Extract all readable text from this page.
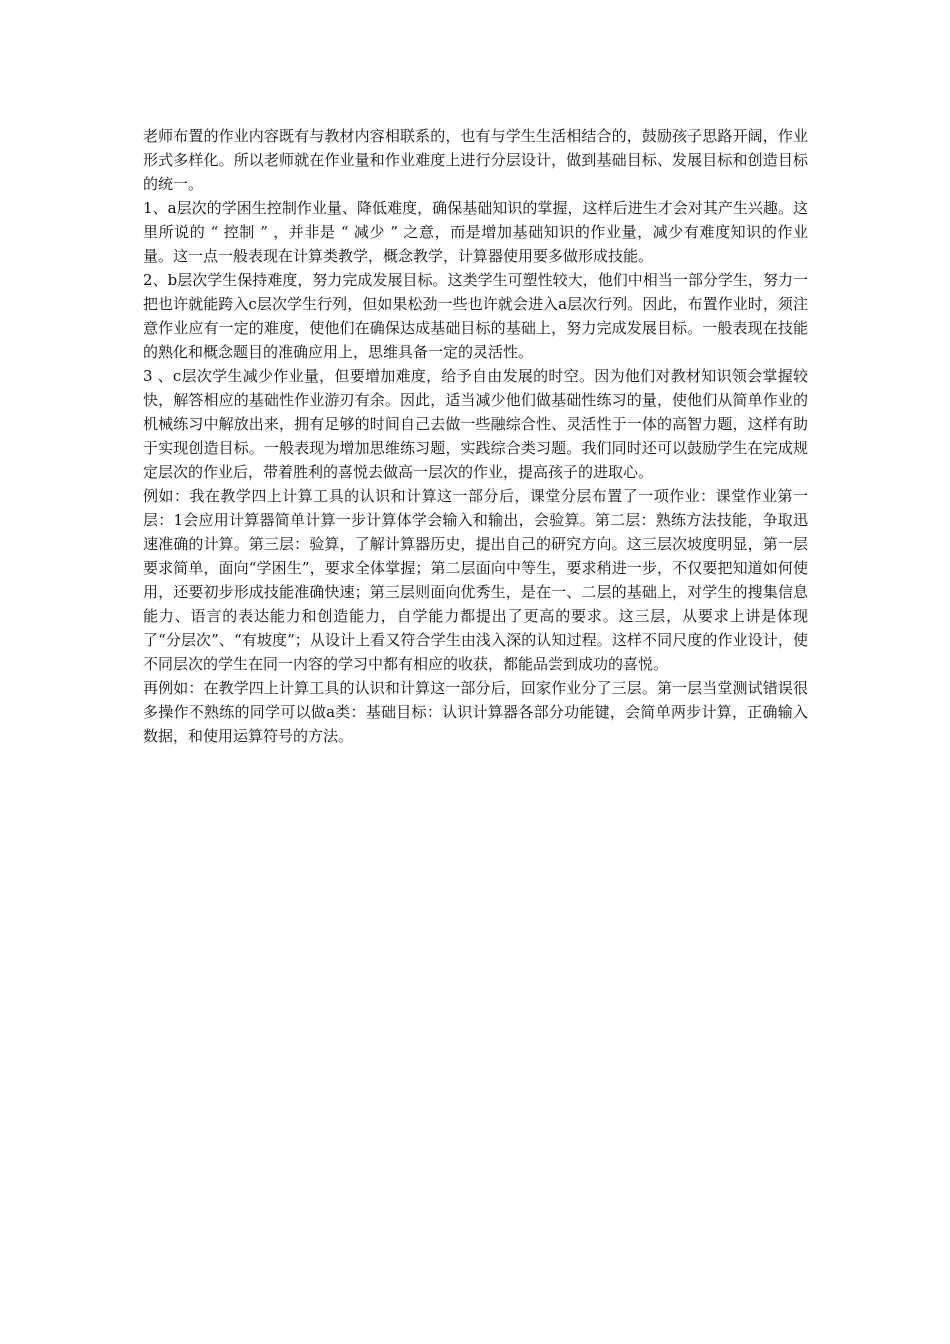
老师布置的作业内容既有与教材内容相联系的，也有与学生生活相结合的，鼓励孩子思路开阔，作业形式多样化。所以老师就在作业量和作业难度上进行分层设计，做到基础目标、发展目标和创造目标的统一。

1、a层次的学困生控制作业量、降低难度，确保基础知识的掌握，这样后进生才会对其产生兴趣。这里所说的 “ 控制 ” ，并非是 “ 减少 ” 之意，而是增加基础知识的作业量，减少有难度知识的作业量。这一点一般表现在计算类教学，概念教学，计算器使用要多做形成技能。

2、b层次学生保持难度，努力完成发展目标。这类学生可塑性较大，他们中相当一部分学生，努力一把也许就能跨入c层次学生行列，但如果松劲一些也许就会进入a层次行列。因此，布置作业时，须注意作业应有一定的难度，使他们在确保达成基础目标的基础上，努力完成发展目标。一般表现在技能的熟化和概念题目的准确应用上，思维具备一定的灵活性。

3 、c层次学生减少作业量，但要增加难度，给予自由发展的时空。因为他们对教材知识领会掌握较快，解答相应的基础性作业游刃有余。因此，适当减少他们做基础性练习的量，使他们从简单作业的机械练习中解放出来，拥有足够的时间自己去做一些融综合性、灵活性于一体的高智力题，这样有助于实现创造目标。一般表现为增加思维练习题，实践综合类习题。我们同时还可以鼓励学生在完成规定层次的作业后，带着胜利的喜悦去做高一层次的作业，提高孩子的进取心。

例如：我在教学四上计算工具的认识和计算这一部分后，课堂分层布置了一项作业：课堂作业第一层：1会应用计算器简单计算一步计算体学会输入和输出，会验算。第二层：熟练方法技能，争取迅速准确的计算。第三层：验算，了解计算器历史，提出自己的研究方向。这三层次坡度明显，第一层要求简单，面向“学困生”，要求全体掌握；第二层面向中等生，要求稍进一步，不仅要把知道如何使用，还要初步形成技能准确快速；第三层则面向优秀生，是在一、二层的基础上，对学生的搜集信息能力、语言的表达能力和创造能力，自学能力都提出了更高的要求。这三层，从要求上讲是体现了“分层次”、“有坡度”；从设计上看又符合学生由浅入深的认知过程。这样不同尺度的作业设计，使不同层次的学生在同一内容的学习中都有相应的收获，都能品尝到成功的喜悦。

再例如：在教学四上计算工具的认识和计算这一部分后，回家作业分了三层。第一层当堂测试错误很多操作不熟练的同学可以做a类：基础目标：认识计算器各部分功能键，会简单两步计算，正确输入数据，和使用运算符号的方法。
